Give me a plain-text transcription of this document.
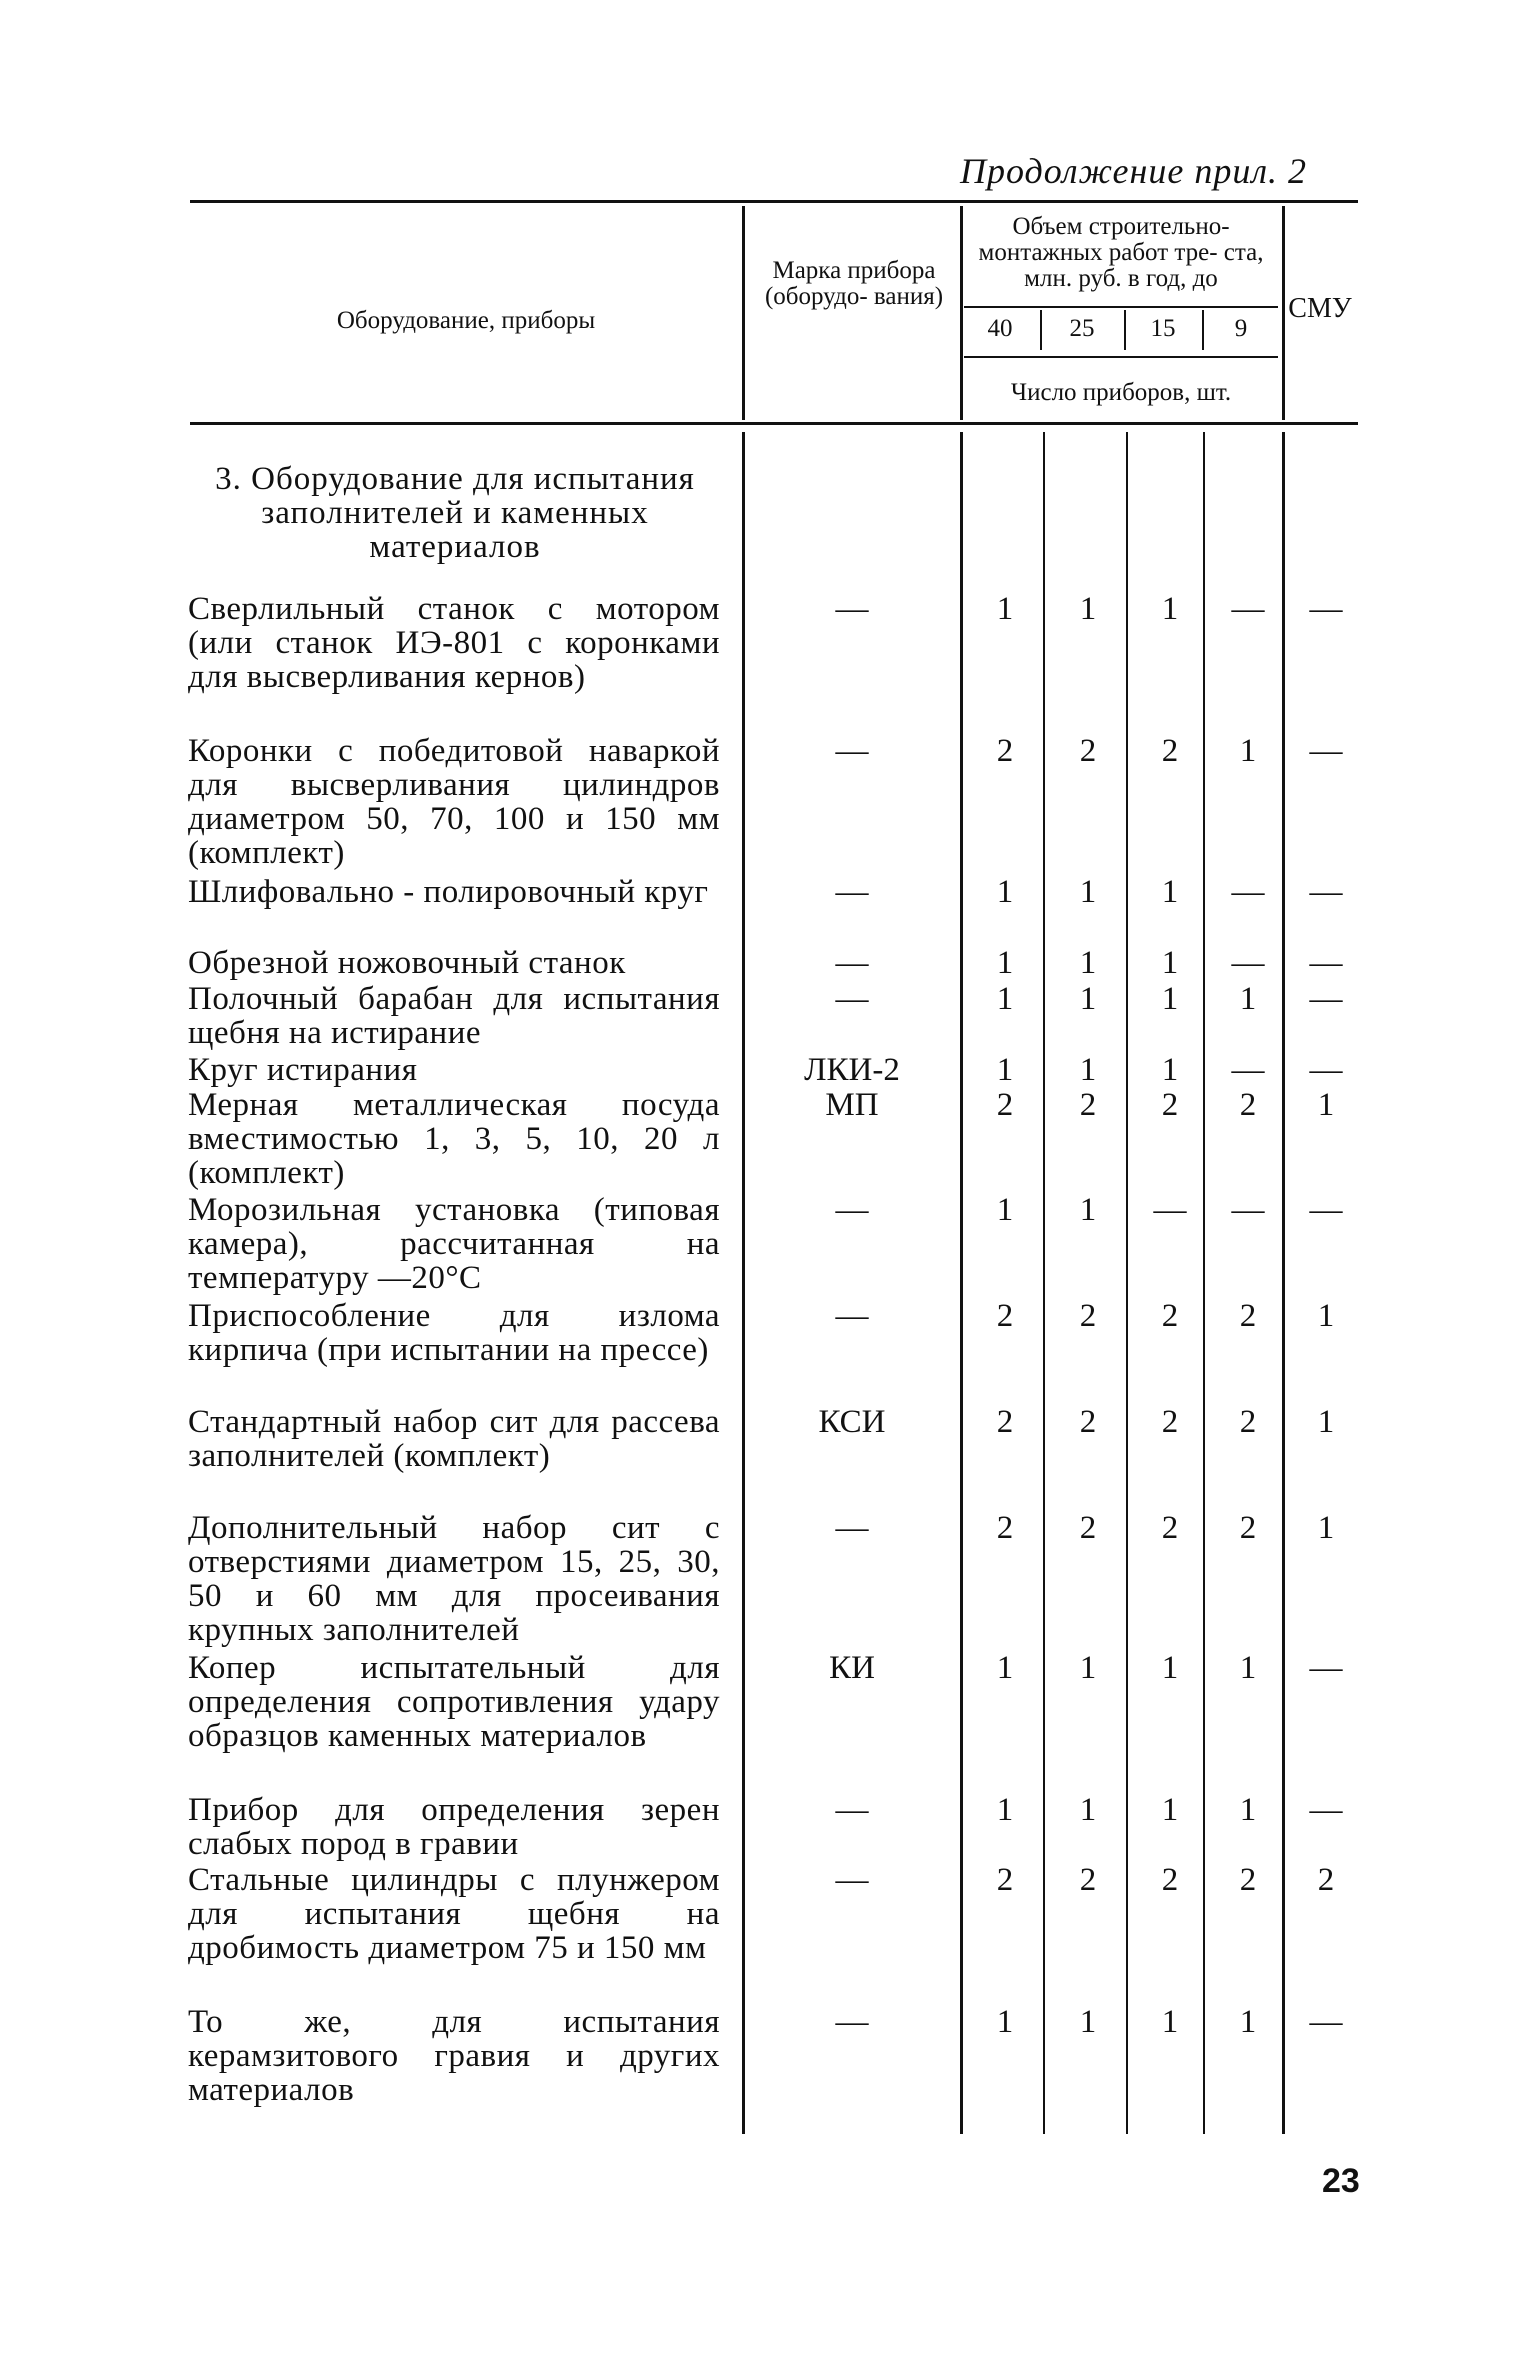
Продолжение прил. 2
Оборудование, приборы
Марка прибора (оборудо- вания)
Объем строительно- монтажных работ тре- ста, млн. руб. в год, до
40	25	15	9
Число приборов, шт.
СМУ
3. Оборудование для испытания заполнителей и каменных материалов
Сверлильный станок с мотором (или станок ИЭ-801 с коронками для высверливания кернов)
—	1	1	1	—	—
Коронки с победитовой наваркой для высверливания цилиндров диаметром 50, 70, 100 и 150 мм (комплект)
—	2	2	2	1	—
Шлифовально - полировочный круг	—	1	1	1	—	—
Обрезной ножовочный станок	—	1	1	1	—	—
Полочный барабан для испытания щебня на истирание
—	1	1	1	1	—
Круг истирания	ЛКИ-2	1	1	1	—	—
Мерная металлическая посуда вместимостью 1, 3, 5, 10, 20 л (комплект)
МП	2	2	2	2	1
Морозильная установка (типовая камера), рассчитанная на температуру —20°С
—	1	1	—	—	—
Приспособление для излома кирпича (при испытании на прессе)
—	2	2	2	2	1
Стандартный набор сит для рассева заполнителей (комплект)
КСИ	2	2	2	2	1
Дополнительный набор сит с отверстиями диаметром 15, 25, 30, 50 и 60 мм для просеивания крупных заполнителей
—	2	2	2	2	1
Копер испытательный для определения сопротивления удару образцов каменных материалов
КИ	1	1	1	1	—
Прибор для определения зерен слабых пород в гравии
—	1	1	1	1	—
Стальные цилиндры с плунжером для испытания щебня на дробимость диаметром 75 и 150 мм
—	2	2	2	2	2
То же, для испытания керамзитового гравия и других материалов
—	1	1	1	1	—
23
